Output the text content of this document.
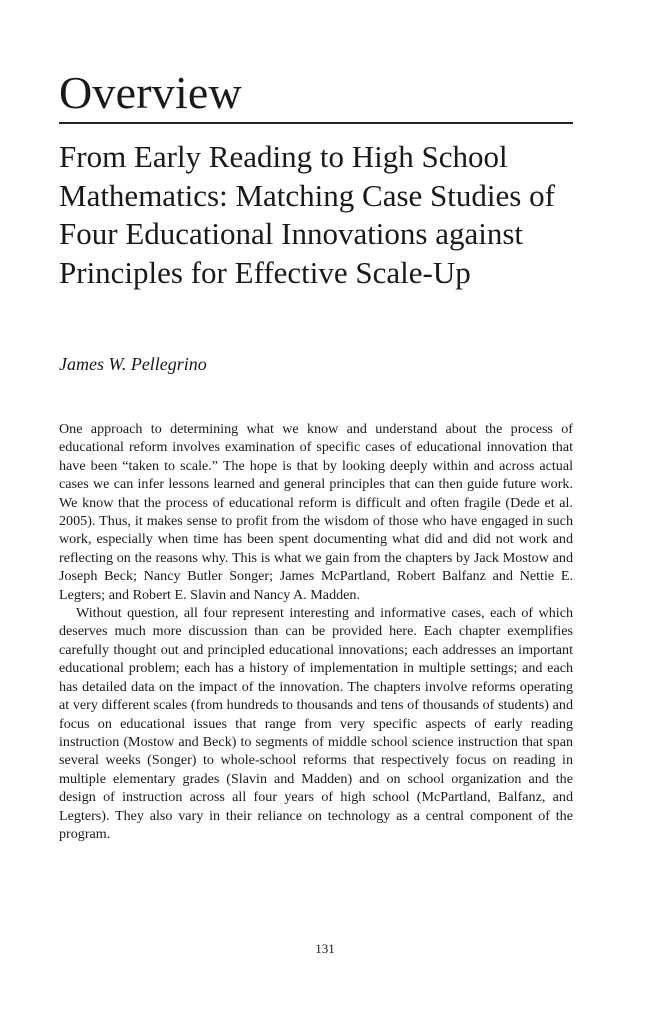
Overview
From Early Reading to High School Mathematics: Matching Case Studies of Four Educational Innovations against Principles for Effective Scale-Up

James W. Pellegrino

One approach to determining what we know and understand about the process of educational reform involves examination of specific cases of educational innovation that have been “taken to scale.” The hope is that by looking deeply within and across actual cases we can infer lessons learned and general principles that can then guide future work. We know that the process of educational reform is difficult and often fragile (Dede et al. 2005). Thus, it makes sense to profit from the wisdom of those who have engaged in such work, especially when time has been spent documenting what did and did not work and reflecting on the reasons why. This is what we gain from the chapters by Jack Mostow and Joseph Beck; Nancy Butler Songer; James McPartland, Robert Balfanz and Nettie E. Legters; and Robert E. Slavin and Nancy A. Madden.

Without question, all four represent interesting and informative cases, each of which deserves much more discussion than can be provided here. Each chapter exemplifies carefully thought out and principled educational innovations; each addresses an important educational problem; each has a history of implementation in multiple settings; and each has detailed data on the impact of the innovation. The chapters involve reforms operating at very different scales (from hundreds to thousands and tens of thousands of students) and focus on educational issues that range from very specific aspects of early reading instruction (Mostow and Beck) to segments of middle school science instruction that span several weeks (Songer) to whole-school reforms that respectively focus on reading in multiple elementary grades (Slavin and Madden) and on school organization and the design of instruction across all four years of high school (McPartland, Balfanz, and Legters). They also vary in their reliance on technology as a central component of the program.

131
